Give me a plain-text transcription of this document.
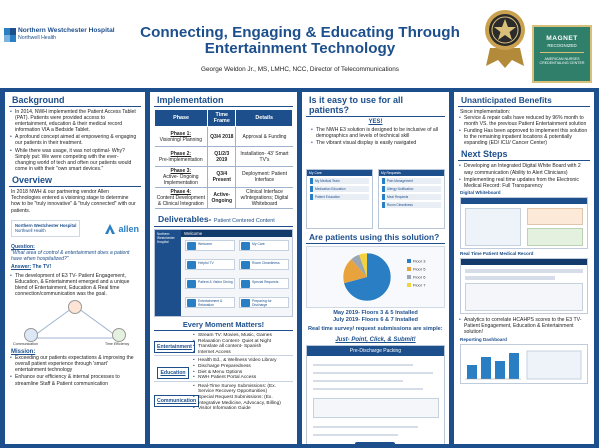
Northern Westchester Hospital
Northwell Health	Connecting, Engaging & Educating Through Entertainment Technology
George Weldon Jr., MS, LMHC, NCC, Director of Telecommunications
MAGNET
RECOGNIZED
AMERICAN NURSES CREDENTIALING CENTER
Background
• In 2014, NWH implemented the Patient Access Tablet (PAT). Patients were provided access to entertainment, education & their medical record information VIA a Bedside Tablet.
• A profound concept aimed at empowering & engaging our patients in their treatment.
• While there was usage, it was not optimal- Why? Simply put: We were competing with the ever-changing world of tech and often our patients would come in with their "own smart devices."
Overview
In 2018 NWH & our partnering vendor Allen Technologies entered a visioning stage to determine how to be "truly innovative" & "truly connected" with our patients.
Northern Westchester Hospital
Northwell Health	allen
Question:
"What area of control & entertainment does a patient have when hospitalized?"
Answer: The TV!
• The development of E3 TV- Patient Engagement, Education, & Entertainment emerged and a unique blend of Entertainment, Education & Real time connection/communication was the goal.
Communication	Time Efficiency
Mission:
• Exceeding our patients expectations & improving the overall patient experience through 'smart' entertainment technology
• Enhance our efficiency & internal processes to streamline Staff & Patient communication
Implementation
Phase	Time Frame	Details
Phase 1:
Visioning/ Planning	Q3/4 2018	Approval & Funding
Phase 2:
Pre-Implementation	Q1/2/3 2019	Installation- 43' Smart TV's
Phase 3:
Active- Ongoing Implementation	Q3/4 Present	Deployment: Patient Interface
Phase 4:
Content Development & Clinical Integration	Active- Ongoing	Clinical Interface w/Integrations; Digital Whiteboard
Deliverables- Patient Centered Content
Northern Westchester Hospital
Welcome
Welcome	My Care
Helpful TV	Room Cleanliness
Patient & Visitor Dining	Special Requests
Entertainment & Relaxation
Preparing for Discharge
Every Moment Matters!
Entertainment
• Stream TV: Movies, Music, Games
• Relaxation Content- Quiet at Night
• Translate all content- Spanish
• Internet Access
Education
• Health Ed., & Wellness Video Library
• Discharge Preparedness
• Diet & Menu Options
• NWH Patient Portal Access
Communication
• Real-Time Survey Submissions: (Ex. Service Recovery Opportunities)
• Special Request Submissions: (Ex. Integrative Medicine, Advocacy, Billing)
• Visitor Information Guide
Is it easy to use for all patients?
YES!
• The NWH E3 solution is designed to be inclusive of all demographics and levels of technical skill
• The vibrant visual display is easily navigated
My Care
My Medical Team
Medication Education
Patient Education
My Requests
Pain Management
Allergy Notification
Meal Requests
Room Cleanliness
Are patients using this solution?
Floor 3
Floor 5
Floor 6
Floor 7
May 2019- Floors 3 & 5 Installed
July 2019- Floors 6 & 7 Installed
Real time survey/ request submissions are simple:
Just- Point, Click, & Submit!
Pre-Discharge Packing
Unanticipated Benefits
Since implementation:
• Service & repair calls have reduced by 96% month to month VS. the previous Patient Entertainment solution
• Funding Has been approved to implement this solution to the remaining inpatient locations & potentially expanding (ED/ ICU/ Cancer Center)
Next Steps
• Developing an Integrated Digital White Board with 2 way communication (Ability to Alert Clinicians)
• Implementing real time updates from the Electronic Medical Record: Full Transparency
Digital Whiteboard
Real Time Patient Medical Record
• Analytics to correlate HCAHPS scores to the E3 TV- Patient Engagement, Education & Entertainment solution!
Reporting Dashboard
